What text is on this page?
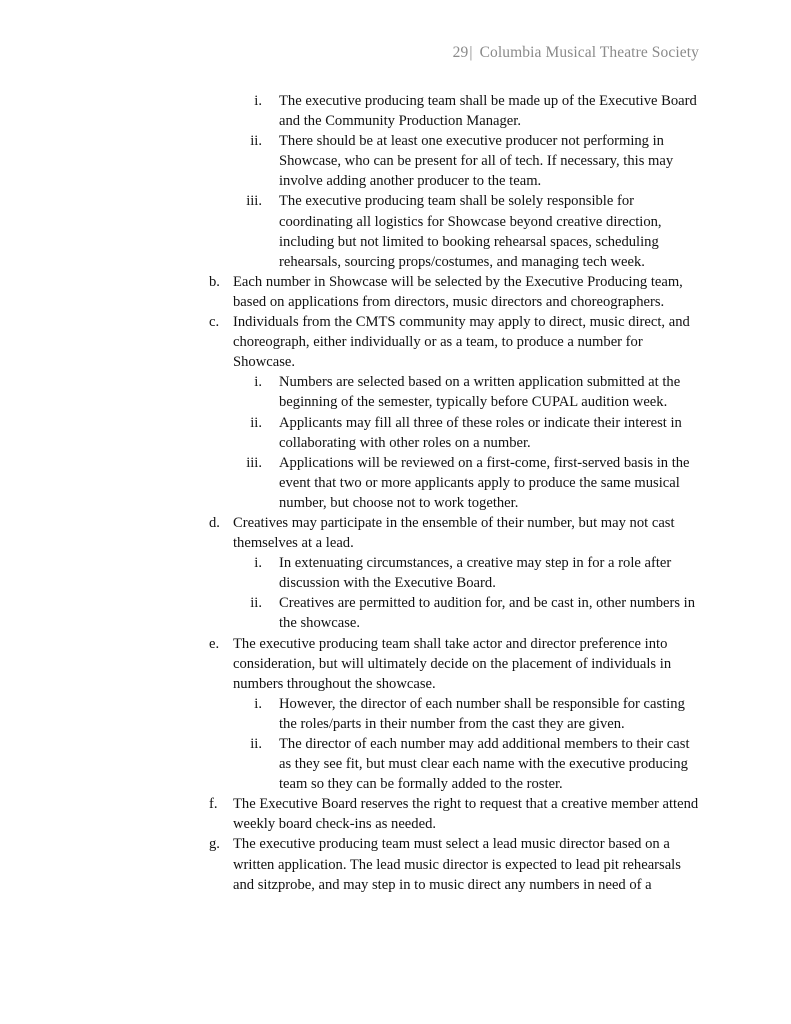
29| Columbia Musical Theatre Society
i. The executive producing team shall be made up of the Executive Board and the Community Production Manager.
ii. There should be at least one executive producer not performing in Showcase, who can be present for all of tech. If necessary, this may involve adding another producer to the team.
iii. The executive producing team shall be solely responsible for coordinating all logistics for Showcase beyond creative direction, including but not limited to booking rehearsal spaces, scheduling rehearsals, sourcing props/costumes, and managing tech week.
b. Each number in Showcase will be selected by the Executive Producing team, based on applications from directors, music directors and choreographers.
c. Individuals from the CMTS community may apply to direct, music direct, and choreograph, either individually or as a team, to produce a number for Showcase.
i. Numbers are selected based on a written application submitted at the beginning of the semester, typically before CUPAL audition week.
ii. Applicants may fill all three of these roles or indicate their interest in collaborating with other roles on a number.
iii. Applications will be reviewed on a first-come, first-served basis in the event that two or more applicants apply to produce the same musical number, but choose not to work together.
d. Creatives may participate in the ensemble of their number, but may not cast themselves at a lead.
i. In extenuating circumstances, a creative may step in for a role after discussion with the Executive Board.
ii. Creatives are permitted to audition for, and be cast in, other numbers in the showcase.
e. The executive producing team shall take actor and director preference into consideration, but will ultimately decide on the placement of individuals in numbers throughout the showcase.
i. However, the director of each number shall be responsible for casting the roles/parts in their number from the cast they are given.
ii. The director of each number may add additional members to their cast as they see fit, but must clear each name with the executive producing team so they can be formally added to the roster.
f. The Executive Board reserves the right to request that a creative member attend weekly board check-ins as needed.
g. The executive producing team must select a lead music director based on a written application. The lead music director is expected to lead pit rehearsals and sitzprobe, and may step in to music direct any numbers in need of a
